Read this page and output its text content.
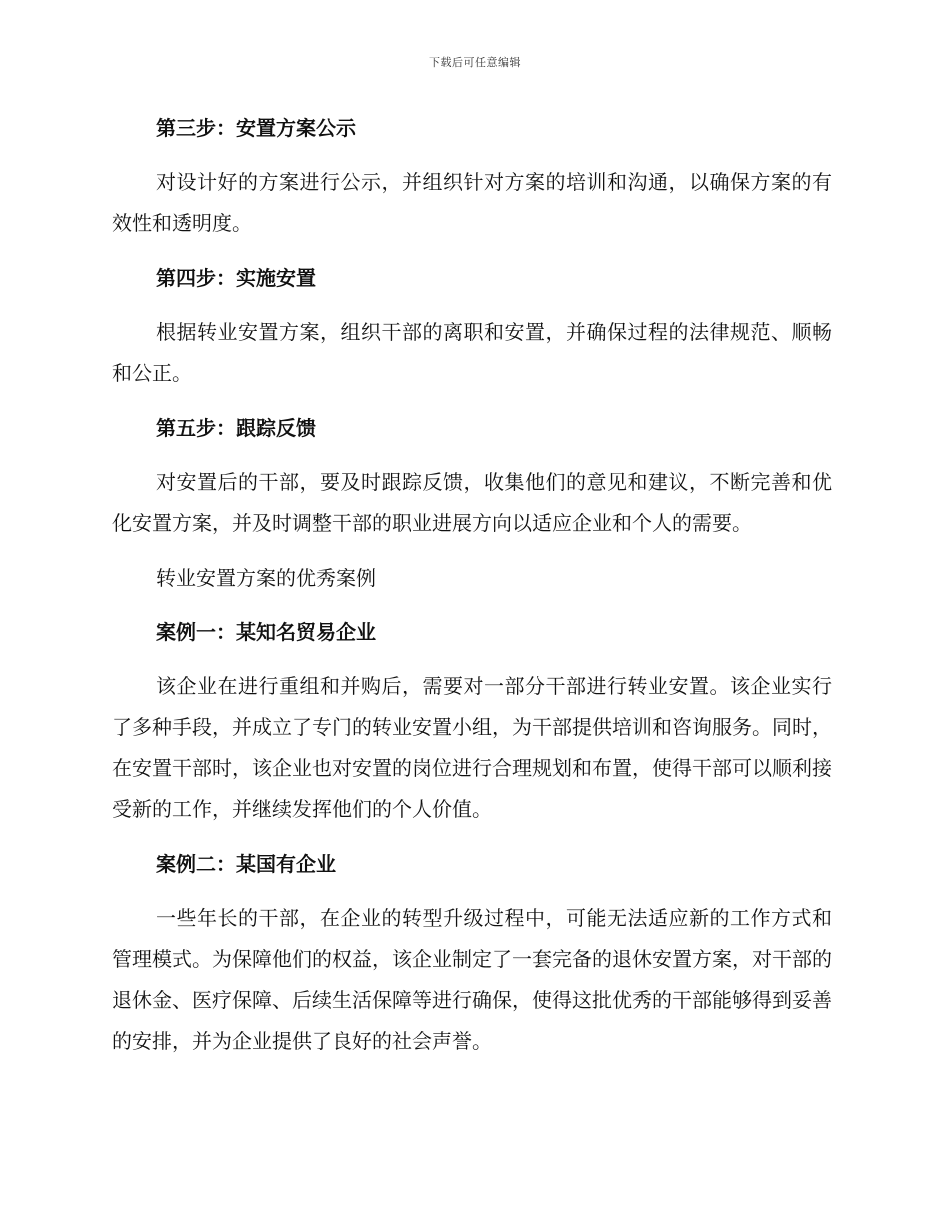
下载后可任意编辑
第三步：安置方案公示

对设计好的方案进行公示，并组织针对方案的培训和沟通，以确保方案的有效性和透明度。

第四步：实施安置

根据转业安置方案，组织干部的离职和安置，并确保过程的法律规范、顺畅和公正。

第五步：跟踪反馈

对安置后的干部，要及时跟踪反馈，收集他们的意见和建议，不断完善和优化安置方案，并及时调整干部的职业进展方向以适应企业和个人的需要。

转业安置方案的优秀案例
案例一：某知名贸易企业

该企业在进行重组和并购后，需要对一部分干部进行转业安置。该企业实行了多种手段，并成立了专门的转业安置小组，为干部提供培训和咨询服务。同时，在安置干部时，该企业也对安置的岗位进行合理规划和布置，使得干部可以顺利接受新的工作，并继续发挥他们的个人价值。

案例二：某国有企业

一些年长的干部，在企业的转型升级过程中，可能无法适应新的工作方式和管理模式。为保障他们的权益，该企业制定了一套完备的退休安置方案，对干部的退休金、医疗保障、后续生活保障等进行确保，使得这批优秀的干部能够得到妥善的安排，并为企业提供了良好的社会声誉。
